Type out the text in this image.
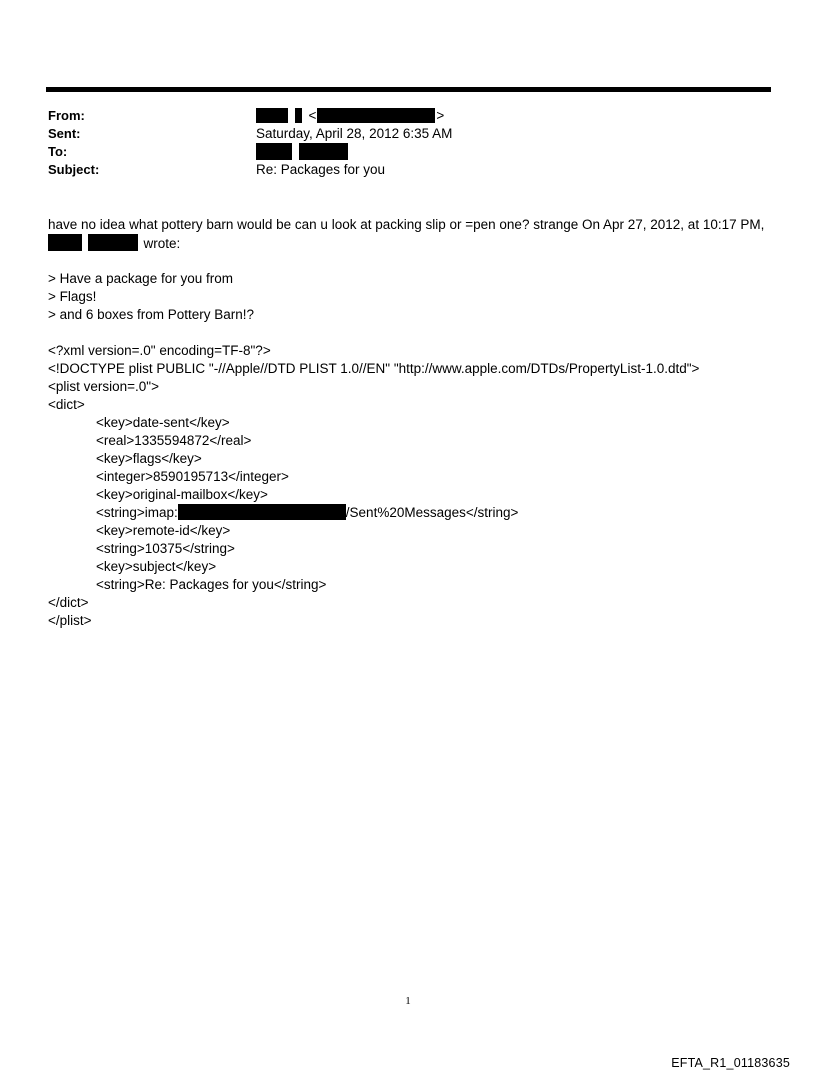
From:
Sent:
To:
Subject:
<	>
Saturday, April 28, 2012 6:35 AM

Re: Packages for you
have no idea what pottery barn would be can u look at packing slip or =pen one? strange On Apr 27, 2012, at 10:17 PM,
wrote:
> Have a package for you from
> Flags!
> and 6 boxes from Pottery Barn!?
<?xml version=.0" encoding=TF-8"?>
<!DOCTYPE plist PUBLIC "-//Apple//DTD PLIST 1.0//EN" "http://www.apple.com/DTDs/PropertyList-1.0.dtd">
<plist version=.0">
<dict>
<key>date-sent</key>
<real>1335594872</real>
<key>flags</key>
<integer>8590195713</integer>
<key>original-mailbox</key>
<string>imap:	/Sent%20Messages</string>
<key>remote-id</key>
<string>10375</string>
<key>subject</key>
<string>Re: Packages for you</string>
</dict>
</plist>
1
EFTA_R1_01183635
